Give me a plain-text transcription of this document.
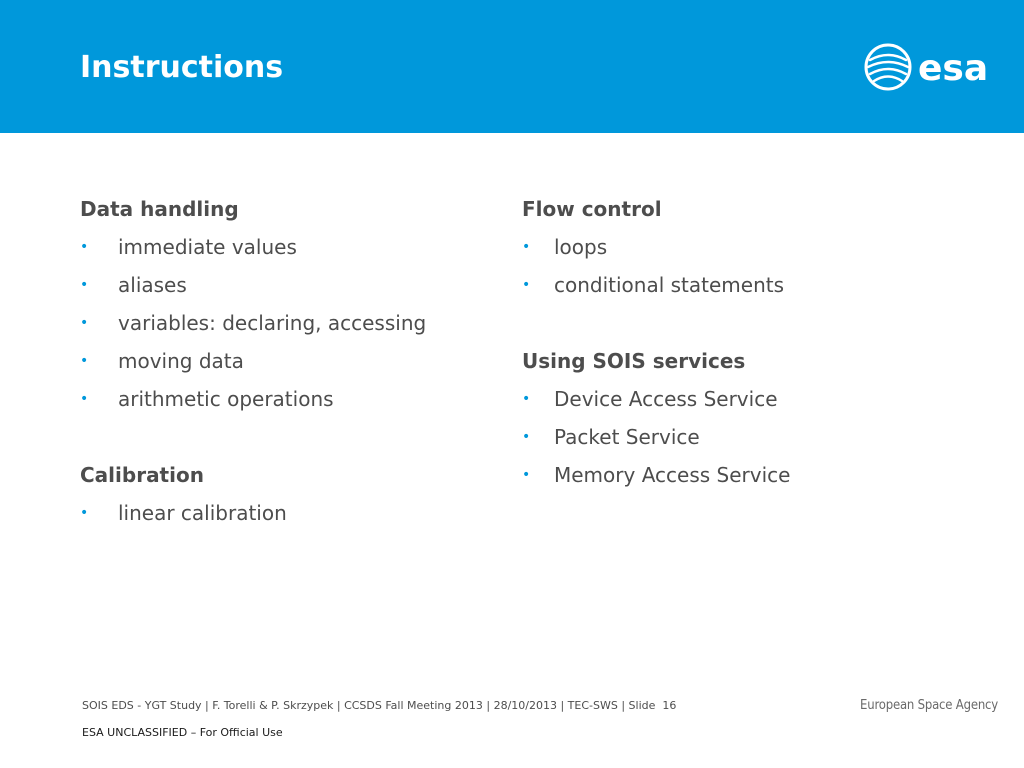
Instructions	esa

Data handling

• immediate values
• aliases
• variables: declaring, accessing
• moving data
• arithmetic operations

Calibration

• linear calibration

Flow control

• loops
• conditional statements

Using SOIS services

• Device Access Service
• Packet Service
• Memory Access Service
SOIS EDS - YGT Study | F. Torelli & P. Skrzypek | CCSDS Fall Meeting 2013 | 28/10/2013 | TEC-SWS | Slide 16	European Space Agency
ESA UNCLASSIFIED – For Official Use
